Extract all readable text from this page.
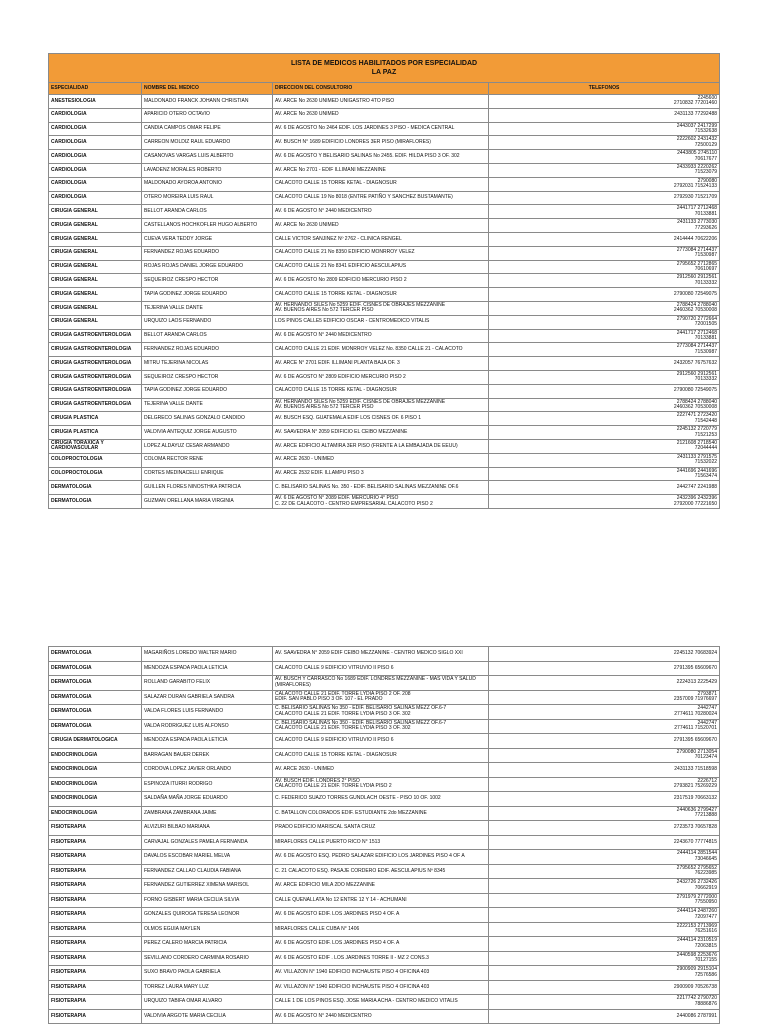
LISTA DE MEDICOS HABILITADOS POR ESPECIALIDAD
LA PAZ			

ESPECIALIDAD	NOMBRE DEL MEDICO	DIRECCION DEL CONSULTORIO	TELEFONOS
ANESTESIOLOGIA	MALDONADO FRANCK JOHANN CHRISTIAN	AV. ARCE No 2630 UNIMED UNIGASTRO 4TO PISO	2245600
2710832 77201460
CARDIOLOGIA	APARICIO OTERO OCTAVIO	AV. ARCE No 2630 UNIMED	2431133 77292488
CARDIOLOGIA	CANDIA CAMPOS OMAR FELIPE	AV. 6 DE AGOSTO No 2464 EDIF. LOS JARDINES 3 PISO - MEDICA CENTRAL	2443037 2417299
71532638
CARDIOLOGIA	CARREON MOLDIZ RAUL EDUARDO	AV. BUSCH N° 1689 EDIFICIO LONDRES 3ER PISO (MIRAFLORES)	2222602 2431432
72500129
CARDIOLOGIA	CASANOVAS VARGAS LUIS ALBERTO	AV. 6 DE AGOSTO Y BELISARIO SALINAS No 2455. EDIF. HILDA PISO 3 OF. 302	2443805 2745110
70617677
CARDIOLOGIA	LAVADENZ MORALES ROBERTO	AV. ARCE No 2701 - EDIF ILLIMANI MEZZANINE	2433933 2220262
71523079
CARDIOLOGIA	MALDONADO AYOROA ANTONIO	CALACOTO CALLE 15 TORRE KETAL - DIAGNOSUR	2790080
2792031 71524133
CARDIOLOGIA	OTERO MOREIRA LUIS RAUL	CALACOTO CALLE 19 No 8018 (ENTRE PATIÑO Y SANCHEZ BUSTAMANTE)	2792930 71521709
CIRUGIA GENERAL	BELLOT ARANDA CARLOS	AV. 6 DE AGOSTO N° 2440 MEDICENTRO	2441717 2712468
70133881
CIRUGIA GENERAL	CASTELLANOS HOCHKOFLER HUGO ALBERTO	AV. ARCE No 2630 UNIMED	2431133 2773030
77293626
CIRUGIA GENERAL	CUEVA VERA TEDDY JORGE	CALLE VICTOR SANJINEZ Nº 2762 - CLINICA RENGEL	2414444 70622206
CIRUGIA GENERAL	FERNANDEZ ROJAS EDUARDO	CALACOTO CALLE 21 No 8350 EDIFICIO MONRROY VELEZ	2773084 2714437
71530987
CIRUGIA GENERAL	ROJAS ROJAS DANIEL JORGE EDUARDO	CALACOTO CALLE 21 No 8341 EDIFICIO AESCULAPIUS	2795652 2712865
70610697
CIRUGIA GENERAL	SEQUEIROZ CRESPO HECTOR	AV. 6 DE AGOSTO No 2809 EDIFICIO MERCURIO PISO 2	2912560 2912561
70133332
CIRUGIA GENERAL	TAPIA GODINEZ JORGE EDUARDO	CALACOTO CALLE 15 TORRE KETAL - DIAGNOSUR	2790080 72549075
CIRUGIA GENERAL	TEJERINA VALLE DANTE	AV. HERNANDO SILES No 5259 EDIF. CISNES DE OBRAJES MEZZANINE
AV. BUENOS AIRES No 572 TERCER PISO	2788424 2788040
2460362 70530008
CIRUGIA GENERAL	URQUIZO LAOS FERNANDO	LOS PINOS CALLE5 EDIFICIO OSCAR - CENTROMEDICO VITALIS	2790720 2772664
72001505
CIRUGIA GASTROENTEROLOGIA	BELLOT ARANDA CARLOS	AV. 6 DE AGOSTO N° 2440 MEDICENTRO	2441717 2712468
70133881
CIRUGIA GASTROENTEROLOGIA	FERNANDEZ ROJAS EDUARDO	CALACOTO CALLE 21 EDIF. MONRROY VELEZ No. 8350 CALLE 21 - CALACOTO	2773084 2714437
71530987
CIRUGIA GASTROENTEROLOGIA	MITRU TEJERINA NICOLAS	AV. ARCE N° 2701 EDIF. ILLIMANI PLANTA BAJA OF. 3	2432057 76757632
CIRUGIA GASTROENTEROLOGIA	SEQUEIROZ CRESPO HECTOR	AV. 6 DE AGOSTO N° 2809 EDIFICIO MERCURIO PISO 2	2912560 2912561
70133332
CIRUGIA GASTROENTEROLOGIA	TAPIA GODINEZ JORGE EDUARDO	CALACOTO CALLE 15 TORRE KETAL - DIAGNOSUR	2790080 72549075
CIRUGIA GASTROENTEROLOGIA	TEJERINA VALLE DANTE	AV. HERNANDO SILES No 5259 EDIF. CISNES DE OBRAJES MEZZANINE
AV. BUENOS AIRES No 572 TERCER PISO	2788424 2788040
2460362 70530008
CIRUGIA PLASTICA	DELGRECO SALINAS GONZALO CANDIDO	AV. BUSCH ESQ. GUATEMALA EDIF LOS CISNES OF. 6 PISO 1	2227471 2723420
71542448
CIRUGIA PLASTICA	VALDIVIA ANTEQUIZ JORGE AUGUSTO	AV. SAAVEDRA N° 2059 EDIFICIO EL CEIBO MEZZANINE	2245132 2720779
71521253
CIRUGIA TORAXICA Y CARDIOVASCULAR	LOPEZ ALDAYUZ CESAR ARMANDO	AV. ARCE EDIFICIO ALTAMIRA 3ER PISO (FRENTE A LA EMBAJADA DE EEUU)	2121608 2718540
72044444
COLOPROCTOLOGIA	COLOMA RECTOR RENE	AV. ARCE 2630 - UNIMED	2431133 2791575
71532022
COLOPROCTOLOGIA	CORTES MEDINACELLI ENRIQUE	AV. ARCE 2532 EDIF. ILLAMPU PISO 3	2441696 2441696
71563474
DERMATOLOGIA	GUILLEN FLORES NINOSTHKA PATRICIA	C. BELISARIO SALINAS No. 350 - EDIF. BELISARIO SALINAS MEZZANINE OF.6	2442747 2241988
DERMATOLOGIA	GUZMAN ORELLANA MARIA VIRGINIA	AV. 6 DE AGOSTO N° 2089 EDIF. MERCURIO 4° PISO
C. 22 DE CALACOTO - CENTRO EMPRESARIAL CALACOTO PISO 2	2432396 2432396
2792000 77221650
DERMATOLOGIA	MAGARIÑOS LOREDO WALTER MARIO	AV. SAAVEDRA N° 2059 EDIF CEIBO MEZZANINE - CENTRO MEDICO SIGLO XXI	2245132 70683924
DERMATOLOGIA	MENDOZA ESPADA PAOLA LETICIA	CALACOTO CALLE 9 EDIFICIO VITRUVIO II PISO 6	2791395 65609670
DERMATOLOGIA	ROLLAND GARABITO FELIX	AV. BUSCH Y CARRASCO No 1689 EDIF. LONDRES MEZZANINE - MAS VIDA Y SALUD
(MIRAFLORES)	2224313 2225429
DERMATOLOGIA	SALAZAR DURAN GABRIELA SANDRA	CALACOTO CALLE 21 EDIF. TORRE LYDIA PISO 2 OF. 208
EDIF. SAN PABLO PISO 3 OF. 107 - EL PRADO	2793871
2357009 71976697
DERMATOLOGIA	VALDA FLORES LUIS FERNANDO	C. BELISARIO SALINAS No 350 - EDIF. BELISARIO SALINAS MEZZ OF.6-7
CALACOTO CALLE 21 EDIF. TORRE LYDIA PISO 3 OF. 302	2442747
2774611 70280024
DERMATOLOGIA	VALDA RODRIGUEZ LUIS ALFONSO	C. BELISARIO SALINAS No 350 - EDIF. BELISARIO SALINAS MEZZ OF.6-7
CALACOTO CALLE 21 EDIF. TORRE LYDIA PISO 3 OF. 302	2442747
2774611 71520701
CIRUGIA DERMATOLOGICA	MENDOZA ESPADA PAOLA LETICIA	CALACOTO CALLE 9 EDIFICIO VITRUVIO II PISO 6	2791395 65609670
ENDOCRINOLOGIA	BARRAGAN BAUER DEREK	CALACOTO CALLE 15 TORRE KETAL - DIAGNOSUR	2790080 2713054
70123474
ENDOCRINOLOGIA	CORDOVA LOPEZ JAVIER ORLANDO	AV. ARCE 2630 - UNIMED	2431133 71518598
ENDOCRINOLOGIA	ESPINOZA ITURRI RODRIGO	AV. BUSCH EDIF. LONDRES 2° PISO
CALACOTO CALLE 21 EDIF. TORRE LYDIA PISO 2	2226712
2793821 75269229
ENDOCRINOLOGIA	SALDAÑA MAÑA JORGE EDUARDO	C. FEDERICO SUAZO TORRES GUNDLACH OESTE - PISO 10 OF. 1002	2317519 70663132
ENDOCRINOLOGIA	ZAMBRANA ZAMBRANA JAIME	C. BATALLON COLORADOS EDIF. ESTUDIANTE 2do MEZZANINE	2440636 2799427
77213888
FISIOTERAPIA	ALVIZURI BILBAO MARIANA	PRADO EDIFICIO MARISCAL SANTA CRUZ	2723573 70657828
FISIOTERAPIA	CARVAJAL GONZALES PAMELA FERNANDA	MIRAFLORES CALLE PUERTO RICO N° 1513	2243670 77774815
FISIOTERAPIA	DAVALOS ESCOBAR MARIEL MELVA	AV. 6 DE AGOSTO ESQ. PEDRO SALAZAR EDIFICIO LOS JARDINES PISO 4 OF A	2444114 2851544
73046645
FISIOTERAPIA	FERNANDEZ CALLAO CLAUDIA FABIANA	C. 21 CALACOTO ESQ. PASAJE CORDERO EDIF. AESCULAPIUS Nº 8345	2795652 2795652
76223985
FISIOTERAPIA	FERNANDEZ GUTIERREZ XIMENA MARISOL	AV. ARCE EDIFICIO MILA 2DO MEZZANINE	2432726 2732426
70662919
FISIOTERAPIA	FORNO GISBERT MARIA CECILIA SILVIA	CALLE QUENALLATA No 12 ENTRE 12 Y 14 - ACHUMANI	2791979 2772000
77550950
FISIOTERAPIA	GONZALES QUIROGA TERESA LEONOR	AV. 6 DE AGOSTO EDIF. LOS JARDINES PISO 4 OF. A	2444114 2487260
72097477
FISIOTERAPIA	OLMOS EGUIA MAYLEN	MIRAFLORES CALLE CUBA N° 1406	2222153 2713969
76251616
FISIOTERAPIA	PEREZ CALERO MARCIA PATRICIA	AV. 6 DE AGOSTO EDIF. LOS JARDINES PISO 4 OF. A	2444114 2310519
72063815
FISIOTERAPIA	SEVILLANO CORDERO CARMINIA ROSARIO	AV. 6 DE AGOSTO EDIF . LOS JARDINES TORRE II - MZ 2 CONS.3	2440598 2253676
70127155
FISIOTERAPIA	SUXO BRAVO PAOLA GABRIELA	AV. VILLAZON N° 1940 EDIFICIO INCHAUSTE PISO 4 OFICINA 403	2900909 2915104
72576586
FISIOTERAPIA	TORREZ LAURA MARY LUZ	AV. VILLAZON N° 1940 EDIFICIO INCHAUSTE PISO 4 OFICINA 403	2900909 70526738
FISIOTERAPIA	URQUIZO TABIFA OMAR ALVARO	CALLE 1 DE LOS PINOS ESQ. JOSE MARIA ACHA - CENTRO MEDICO VITALIS	2217742 2790720
78886876
FISIOTERAPIA	VALDIVIA ARGOTE MARIA CECILIA	AV. 6 DE AGOSTO N° 2440 MEDICENTRO	2440086 2787991
